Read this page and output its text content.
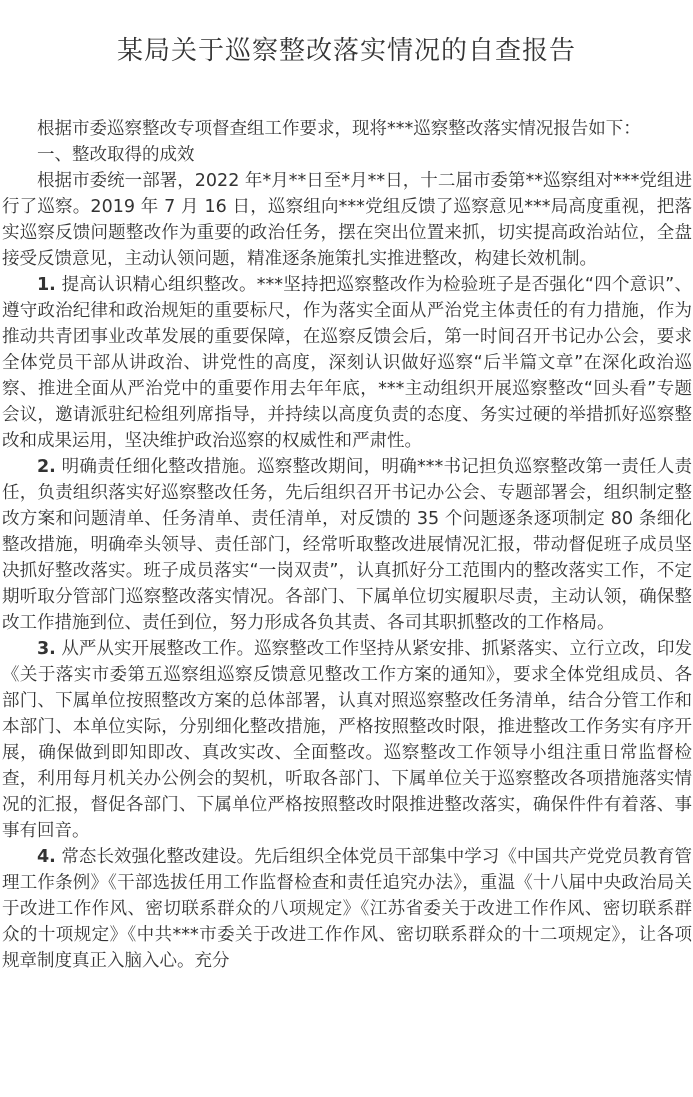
某局关于巡察整改落实情况的自查报告

根据市委巡察整改专项督查组工作要求，现将***巡察整改落实情况报告如下：

一、整改取得的成效

根据市委统一部署，2022 年*月**日至*月**日，十二届市委第**巡察组对***党组进行了巡察。2019 年 7 月 16 日，巡察组向***党组反馈了巡察意见***局高度重视，把落实巡察反馈问题整改作为重要的政治任务，摆在突出位置来抓，切实提高政治站位，全盘接受反馈意见，主动认领问题，精准逐条施策扎实推进整改，构建长效机制。

1. 提高认识精心组织整改。***坚持把巡察整改作为检验班子是否强化“四个意识”、遵守政治纪律和政治规矩的重要标尺，作为落实全面从严治党主体责任的有力措施，作为推动共青团事业改革发展的重要保障，在巡察反馈会后，第一时间召开书记办公会，要求全体党员干部从讲政治、讲党性的高度，深刻认识做好巡察“后半篇文章”在深化政治巡察、推进全面从严治党中的重要作用去年年底，***主动组织开展巡察整改“回头看”专题会议，邀请派驻纪检组列席指导，并持续以高度负责的态度、务实过硬的举措抓好巡察整改和成果运用，坚决维护政治巡察的权威性和严肃性。

2. 明确责任细化整改措施。巡察整改期间，明确***书记担负巡察整改第一责任人责任，负责组织落实好巡察整改任务，先后组织召开书记办公会、专题部署会，组织制定整改方案和问题清单、任务清单、责任清单，对反馈的 35 个问题逐条逐项制定 80 条细化整改措施，明确牵头领导、责任部门，经常听取整改进展情况汇报，带动督促班子成员坚决抓好整改落实。班子成员落实“一岗双责”，认真抓好分工范围内的整改落实工作，不定期听取分管部门巡察整改落实情况。各部门、下属单位切实履职尽责，主动认领，确保整改工作措施到位、责任到位，努力形成各负其责、各司其职抓整改的工作格局。

3. 从严从实开展整改工作。巡察整改工作坚持从紧安排、抓紧落实、立行立改，印发《关于落实市委第五巡察组巡察反馈意见整改工作方案的通知》，要求全体党组成员、各部门、下属单位按照整改方案的总体部署，认真对照巡察整改任务清单，结合分管工作和本部门、本单位实际，分别细化整改措施，严格按照整改时限，推进整改工作务实有序开展，确保做到即知即改、真改实改、全面整改。巡察整改工作领导小组注重日常监督检查，利用每月机关办公例会的契机，听取各部门、下属单位关于巡察整改各项措施落实情况的汇报，督促各部门、下属单位严格按照整改时限推进整改落实，确保件件有着落、事事有回音。

4. 常态长效强化整改建设。先后组织全体党员干部集中学习《中国共产党党员教育管理工作条例》《干部选拔任用工作监督检查和责任追究办法》，重温《十八届中央政治局关于改进工作作风、密切联系群众的八项规定》《江苏省委关于改进工作作风、密切联系群众的十项规定》《中共***市委关于改进工作作风、密切联系群众的十二项规定》，让各项规章制度真正入脑入心。充分
